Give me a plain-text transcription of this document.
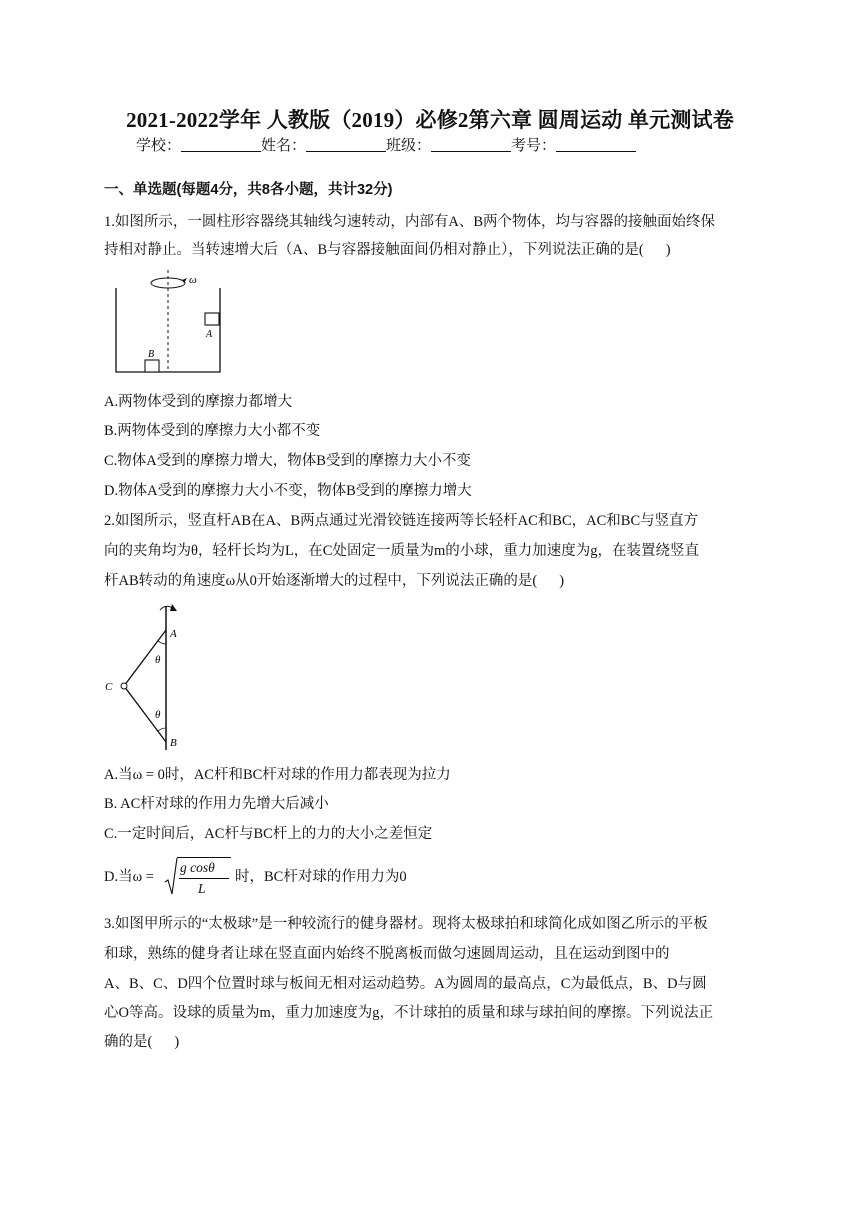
2021-2022学年 人教版（2019）必修2第六章 圆周运动 单元测试卷
学校：	姓名：	班级：	考号：
一、单选题(每题4分，共8各小题，共计32分)
1.如图所示，一圆柱形容器绕其轴线匀速转动，内部有A、B两个物体，均与容器的接触面始终保
持相对静止。当转速增大后（A、B与容器接触面间仍相对静止），下列说法正确的是( )
ω
A
B
A.两物体受到的摩擦力都增大
B.两物体受到的摩擦力大小都不变
C.物体A受到的摩擦力增大，物体B受到的摩擦力大小不变
D.物体A受到的摩擦力大小不变，物体B受到的摩擦力增大
2.如图所示，竖直杆AB在A、B两点通过光滑铰链连接两等长轻杆AC和BC，AC和BC与竖直方
向的夹角均为θ，轻杆长均为L，在C处固定一质量为m的小球，重力加速度为g，在装置绕竖直
杆AB转动的角速度ω从0开始逐渐增大的过程中，下列说法正确的是( )
A
θ
C
θ
B
A.当ω = 0时，AC杆和BC杆对球的作用力都表现为拉力
B. AC杆对球的作用力先增大后减小
C.一定时间后，AC杆与BC杆上的力的大小之差恒定
D.当ω =
g cosθ
L
时，BC杆对球的作用力为0
3.如图甲所示的“太极球”是一种较流行的健身器材。现将太极球拍和球简化成如图乙所示的平板
和球，熟练的健身者让球在竖直面内始终不脱离板而做匀速圆周运动，且在运动到图中的
A、B、C、D四个位置时球与板间无相对运动趋势。A为圆周的最高点，C为最低点，B、D与圆
心O等高。设球的质量为m，重力加速度为g，不计球拍的质量和球与球拍间的摩擦。下列说法正
确的是( )
